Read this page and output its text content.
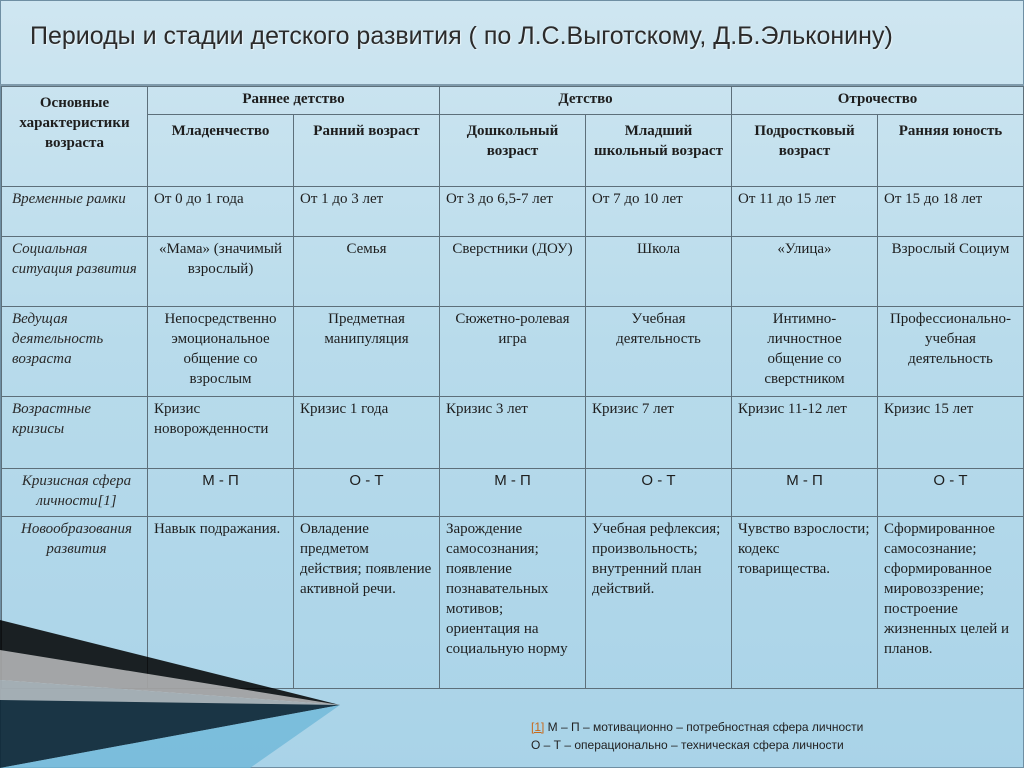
Периоды и стадии детского развития ( по Л.С.Выготскому, Д.Б.Эльконину)
Основные характеристики возраста	Раннее детство		Детство		Отрочество	
	Младенчество	Ранний возраст	Дошкольный возраст	Младший школьный возраст	Подростковый возраст	Ранняя юность
Временные рамки	От 0 до 1 года	От 1 до 3 лет	От 3 до 6,5-7 лет	От 7 до 10 лет	От 11 до 15 лет	От 15 до 18 лет
Социальная ситуация развития	«Мама» (значимый взрослый)	Семья	Сверстники (ДОУ)	Школа	«Улица»	Взрослый Социум
Ведущая деятельность возраста	Непосредственно эмоциональное общение со взрослым	Предметная манипуляция	Сюжетно-ролевая игра	Учебная деятельность	Интимно-личностное общение со сверстником	Профессионально-учебная деятельность
Возрастные кризисы	Кризис новорожденности	Кризис 1 года	Кризис 3 лет	Кризис 7 лет	Кризис 11-12 лет	Кризис 15 лет
Кризисная сфера личности[1]	М - П	О - Т	М - П	О - Т	М - П	О - Т
Новообразования развития	Навык подражания.	Овладение предметом действия; появление активной речи.	Зарождение самосознания; появление познавательных мотивов; ориентация на социальную норму	Учебная рефлексия; произвольность; внутренний план действий.	Чувство взрослости; кодекс товарищества.	Сформированное самосознание; сформированное мировоззрение; построение жизненных целей и планов.
[1] М – П – мотивационно – потребностная сфера личности
О – Т – операционально – техническая сфера личности
